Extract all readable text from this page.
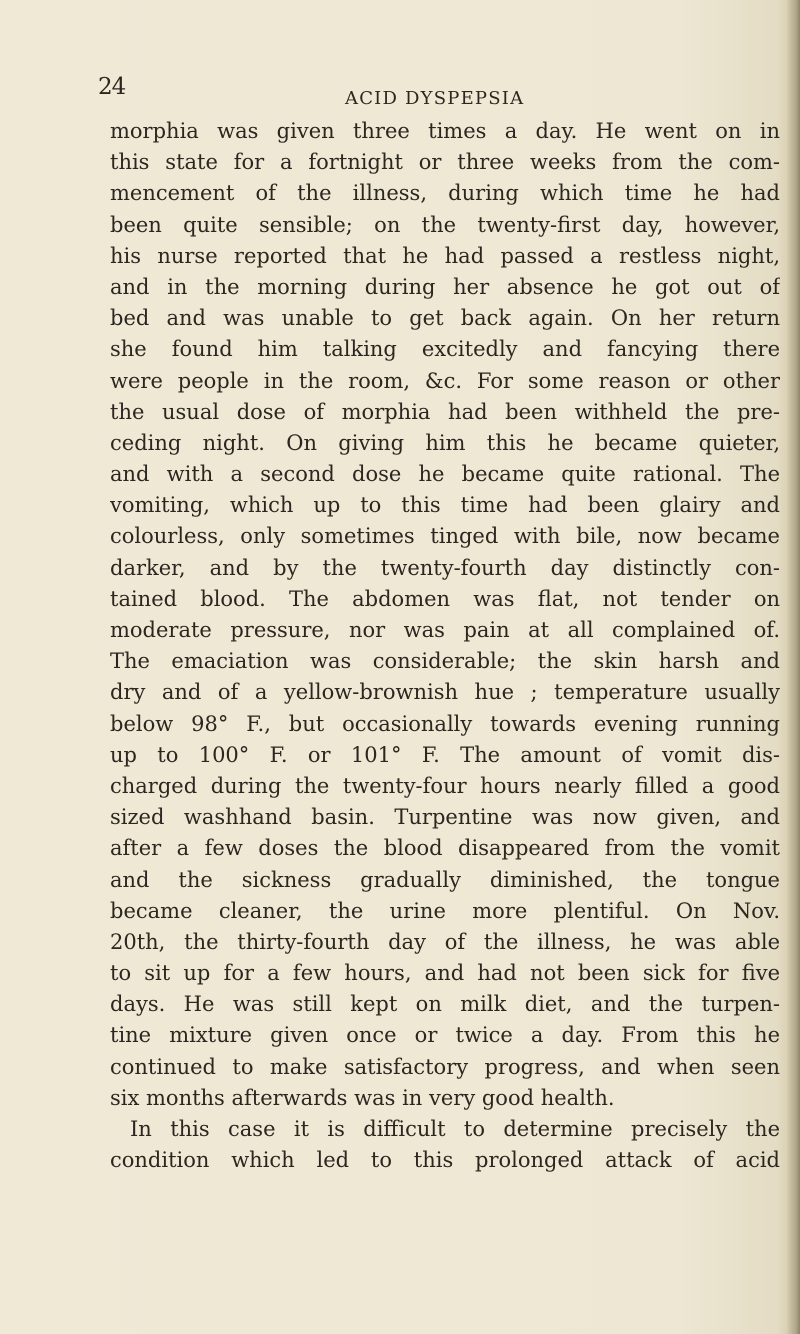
24	ACID DYSPEPSIA
morphia was given three times a day. He went on in
this state for a fortnight or three weeks from the com-
mencement of the illness, during which time he had
been quite sensible; on the twenty-first day, however,
his nurse reported that he had passed a restless night,
and in the morning during her absence he got out of
bed and was unable to get back again. On her return
she found him talking excitedly and fancying there
were people in the room, &c. For some reason or other
the usual dose of morphia had been withheld the pre-
ceding night. On giving him this he became quieter,
and with a second dose he became quite rational. The
vomiting, which up to this time had been glairy and
colourless, only sometimes tinged with bile, now became
darker, and by the twenty-fourth day distinctly con-
tained blood. The abdomen was flat, not tender on
moderate pressure, nor was pain at all complained of.
The emaciation was considerable; the skin harsh and
dry and of a yellow-brownish hue ; temperature usually
below 98° F., but occasionally towards evening running
up to 100° F. or 101° F. The amount of vomit dis-
charged during the twenty-four hours nearly filled a good
sized washhand basin. Turpentine was now given, and
after a few doses the blood disappeared from the vomit
and the sickness gradually diminished, the tongue
became cleaner, the urine more plentiful. On Nov.
20th, the thirty-fourth day of the illness, he was able
to sit up for a few hours, and had not been sick for five
days. He was still kept on milk diet, and the turpen-
tine mixture given once or twice a day. From this he
continued to make satisfactory progress, and when seen
six months afterwards was in very good health.
In this case it is difficult to determine precisely the
condition which led to this prolonged attack of acid
